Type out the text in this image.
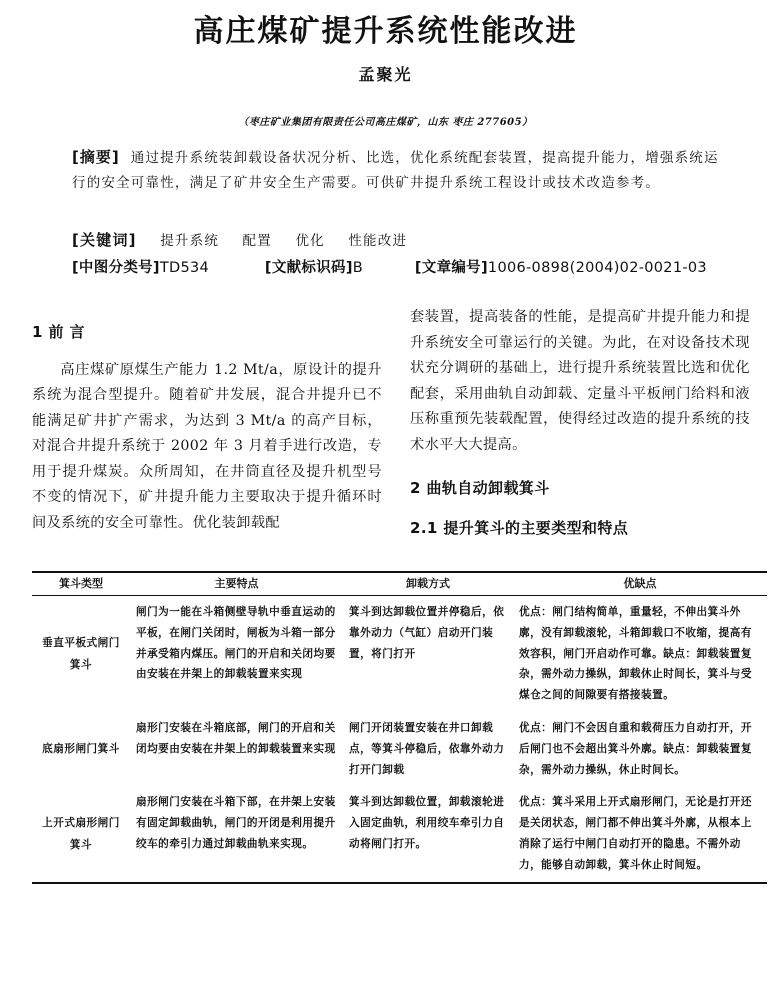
高庄煤矿提升系统性能改进
孟聚光
（枣庄矿业集团有限责任公司高庄煤矿，山东 枣庄 277605）
[摘要] 通过提升系统装卸载设备状况分析、比选，优化系统配套装置，提高提升能力，增强系统运行的安全可靠性，满足了矿井安全生产需要。可供矿井提升系统工程设计或技术改造参考。
[关键词] 提升系统 配置 优化 性能改进
[中图分类号]TD534	[文献标识码]B	[文章编号]1006-0898(2004)02-0021-03
1 前 言
高庄煤矿原煤生产能力 1.2 Mt/a，原设计的提升系统为混合型提升。随着矿井发展，混合井提升已不能满足矿井扩产需求，为达到 3 Mt/a 的高产目标，对混合井提升系统于 2002 年 3 月着手进行改造，专用于提升煤炭。众所周知，在井筒直径及提升机型号不变的情况下，矿井提升能力主要取决于提升循环时间及系统的安全可靠性。优化装卸载配
套装置，提高装备的性能，是提高矿井提升能力和提升系统安全可靠运行的关键。为此，在对设备技术现状充分调研的基础上，进行提升系统装置比选和优化配套，采用曲轨自动卸载、定量斗平板闸门给料和液压称重预先装载配置，使得经过改造的提升系统的技术水平大大提高。
2 曲轨自动卸载箕斗
2.1 提升箕斗的主要类型和特点
箕斗类型	主要特点	卸载方式	优缺点
垂直平板式闸门箕斗	闸门为一能在斗箱侧壁导轨中垂直运动的平板，在闸门关闭时，闸板为斗箱一部分并承受箱内煤压。闸门的开启和关闭均要由安装在井架上的卸载装置来实现	箕斗到达卸载位置并停稳后，依靠外动力（气缸）启动开门装置，将门打开	优点：闸门结构简单，重量轻，不伸出箕斗外廓，没有卸载滚轮，斗箱卸载口不收缩，提高有效容积，闸门开启动作可靠。缺点：卸载装置复杂，需外动力操纵，卸载休止时间长，箕斗与受煤仓之间的间隙要有搭接装置。
底扇形闸门箕斗	扇形门安装在斗箱底部，闸门的开启和关闭均要由安装在井架上的卸载装置来实现	闸门开闭装置安装在井口卸载点，等箕斗停稳后，依靠外动力打开门卸载	优点：闸门不会因自重和载荷压力自动打开，开后闸门也不会超出箕斗外廓。缺点：卸载装置复杂，需外动力操纵，休止时间长。
上开式扇形闸门箕斗	扇形闸门安装在斗箱下部，在井架上安装有固定卸载曲轨，闸门的开闭是利用提升绞车的牵引力通过卸载曲轨来实现。	箕斗到达卸载位置，卸载滚轮进入固定曲轨，利用绞车牵引力自动将闸门打开。	优点：箕斗采用上开式扇形闸门，无论是打开还是关闭状态，闸门都不伸出箕斗外廓，从根本上消除了运行中闸门自动打开的隐患。不需外动力，能够自动卸载，箕斗休止时间短。
